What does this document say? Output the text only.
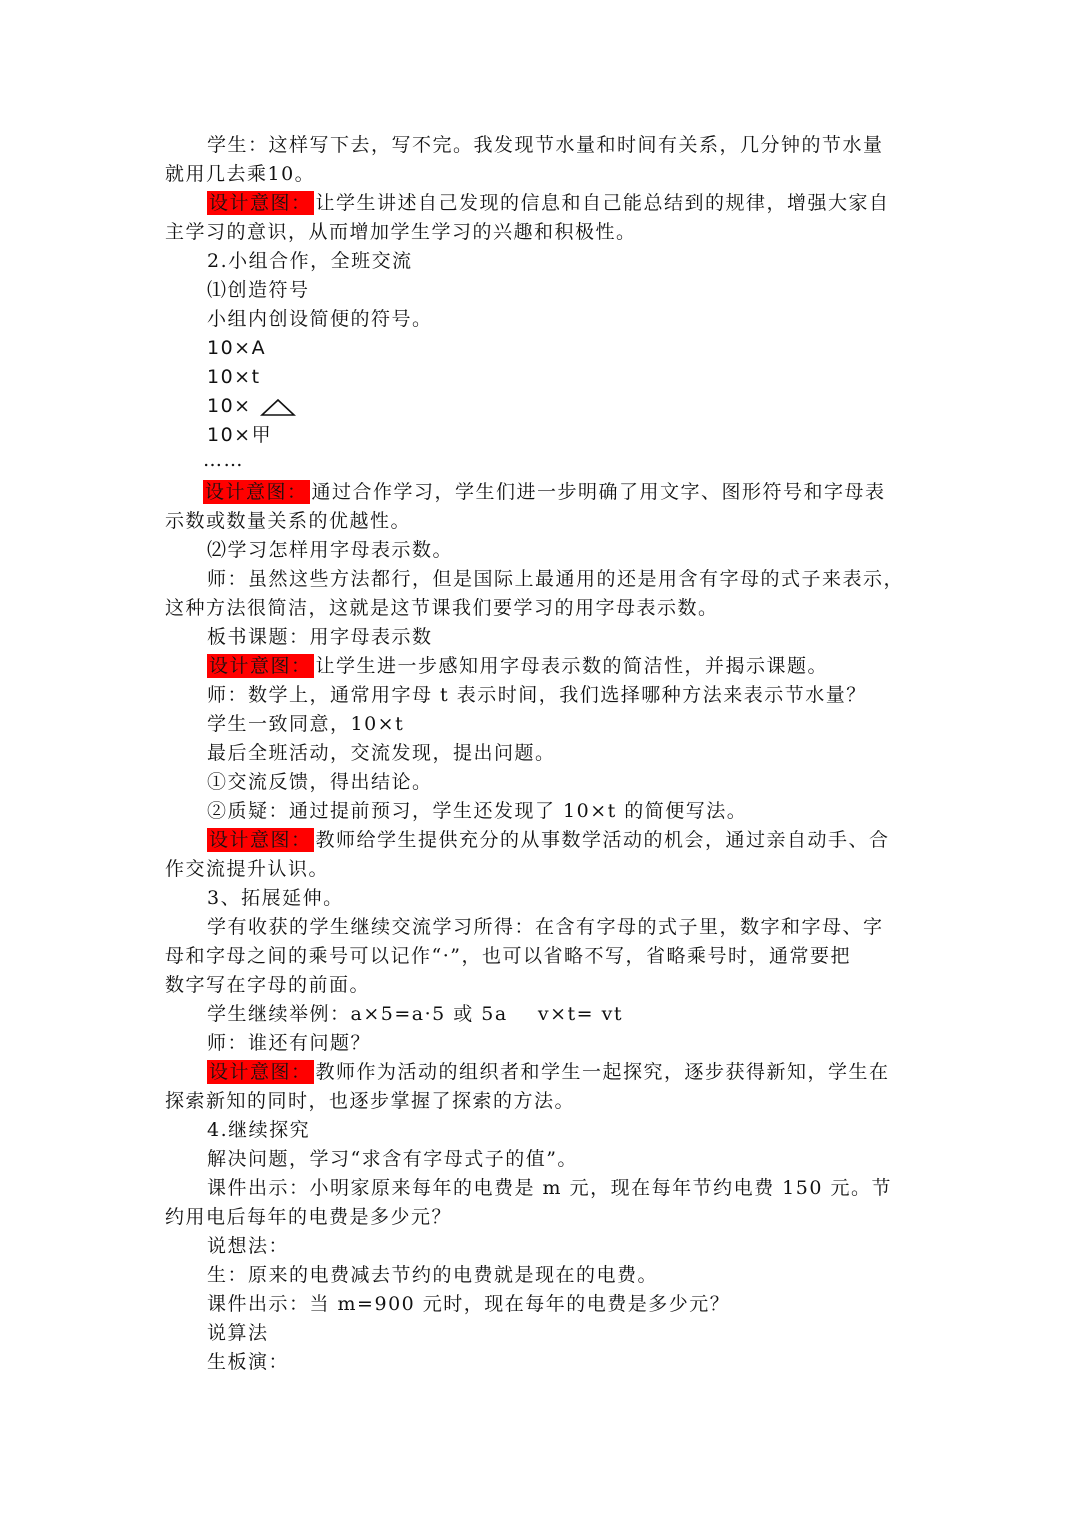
学生：这样写下去，写不完。我发现节水量和时间有关系，几分钟的节水量
就用几去乘10。
设计意图： 让学生讲述自己发现的信息和自己能总结到的规律，增强大家自
主学习的意识，从而增加学生学习的兴趣和积极性。
2.小组合作，全班交流
⑴创造符号
小组内创设简便的符号。
10×A
10×t
10×
10×甲
……
设计意图： 通过合作学习，学生们进一步明确了用文字、图形符号和字母表
示数或数量关系的优越性。
⑵学习怎样用字母表示数。
师：虽然这些方法都行，但是国际上最通用的还是用含有字母的式子来表示，
这种方法很简洁，这就是这节课我们要学习的用字母表示数。
板书课题：用字母表示数
设计意图： 让学生进一步感知用字母表示数的简洁性，并揭示课题。
师：数学上，通常用字母 t 表示时间，我们选择哪种方法来表示节水量？
学生一致同意，10×t
最后全班活动，交流发现，提出问题。
①交流反馈，得出结论。
②质疑：通过提前预习，学生还发现了 10×t 的简便写法。
设计意图： 教师给学生提供充分的从事数学活动的机会，通过亲自动手、合
作交流提升认识。
3、拓展延伸。
学有收获的学生继续交流学习所得：在含有字母的式子里，数字和字母、字
母和字母之间的乘号可以记作“·”，也可以省略不写，省略乘号时，通常要把
数字写在字母的前面。
学生继续举例：a×5=a·5 或 5a    v×t= vt
师：谁还有问题？
设计意图： 教师作为活动的组织者和学生一起探究，逐步获得新知，学生在
探索新知的同时，也逐步掌握了探索的方法。
4.继续探究
解决问题，学习“求含有字母式子的值”。
课件出示：小明家原来每年的电费是 m 元，现在每年节约电费 150 元。节
约用电后每年的电费是多少元？
说想法：
生：原来的电费减去节约的电费就是现在的电费。
课件出示：当 m=900 元时，现在每年的电费是多少元？
说算法
生板演：
